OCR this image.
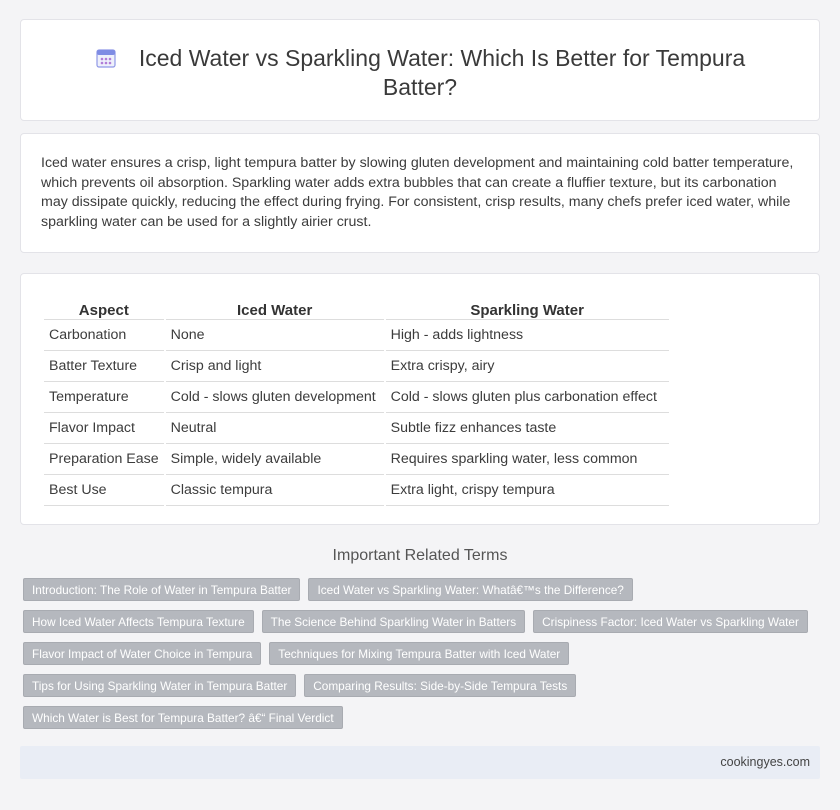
Iced Water vs Sparkling Water: Which Is Better for Tempura Batter?

Iced water ensures a crisp, light tempura batter by slowing gluten development and maintaining cold batter temperature, which prevents oil absorption. Sparkling water adds extra bubbles that can create a fluffier texture, but its carbonation may dissipate quickly, reducing the effect during frying. For consistent, crisp results, many chefs prefer iced water, while sparkling water can be used for a slightly airier crust.

Aspect	Iced Water	Sparkling Water
Carbonation	None	High - adds lightness
Batter Texture	Crisp and light	Extra crispy, airy
Temperature	Cold - slows gluten development	Cold - slows gluten plus carbonation effect
Flavor Impact	Neutral	Subtle fizz enhances taste
Preparation Ease	Simple, widely available	Requires sparkling water, less common
Best Use	Classic tempura	Extra light, crispy tempura
Important Related Terms
Introduction: The Role of Water in Tempura Batter	Iced Water vs Sparkling Water: Whatâ€™s the Difference?
How Iced Water Affects Tempura Texture	The Science Behind Sparkling Water in Batters	Crispiness Factor: Iced Water vs Sparkling Water
Flavor Impact of Water Choice in Tempura	Techniques for Mixing Tempura Batter with Iced Water
Tips for Using Sparkling Water in Tempura Batter	Comparing Results: Side-by-Side Tempura Tests
Which Water is Best for Tempura Batter? â€“ Final Verdict
cookingyes.com
